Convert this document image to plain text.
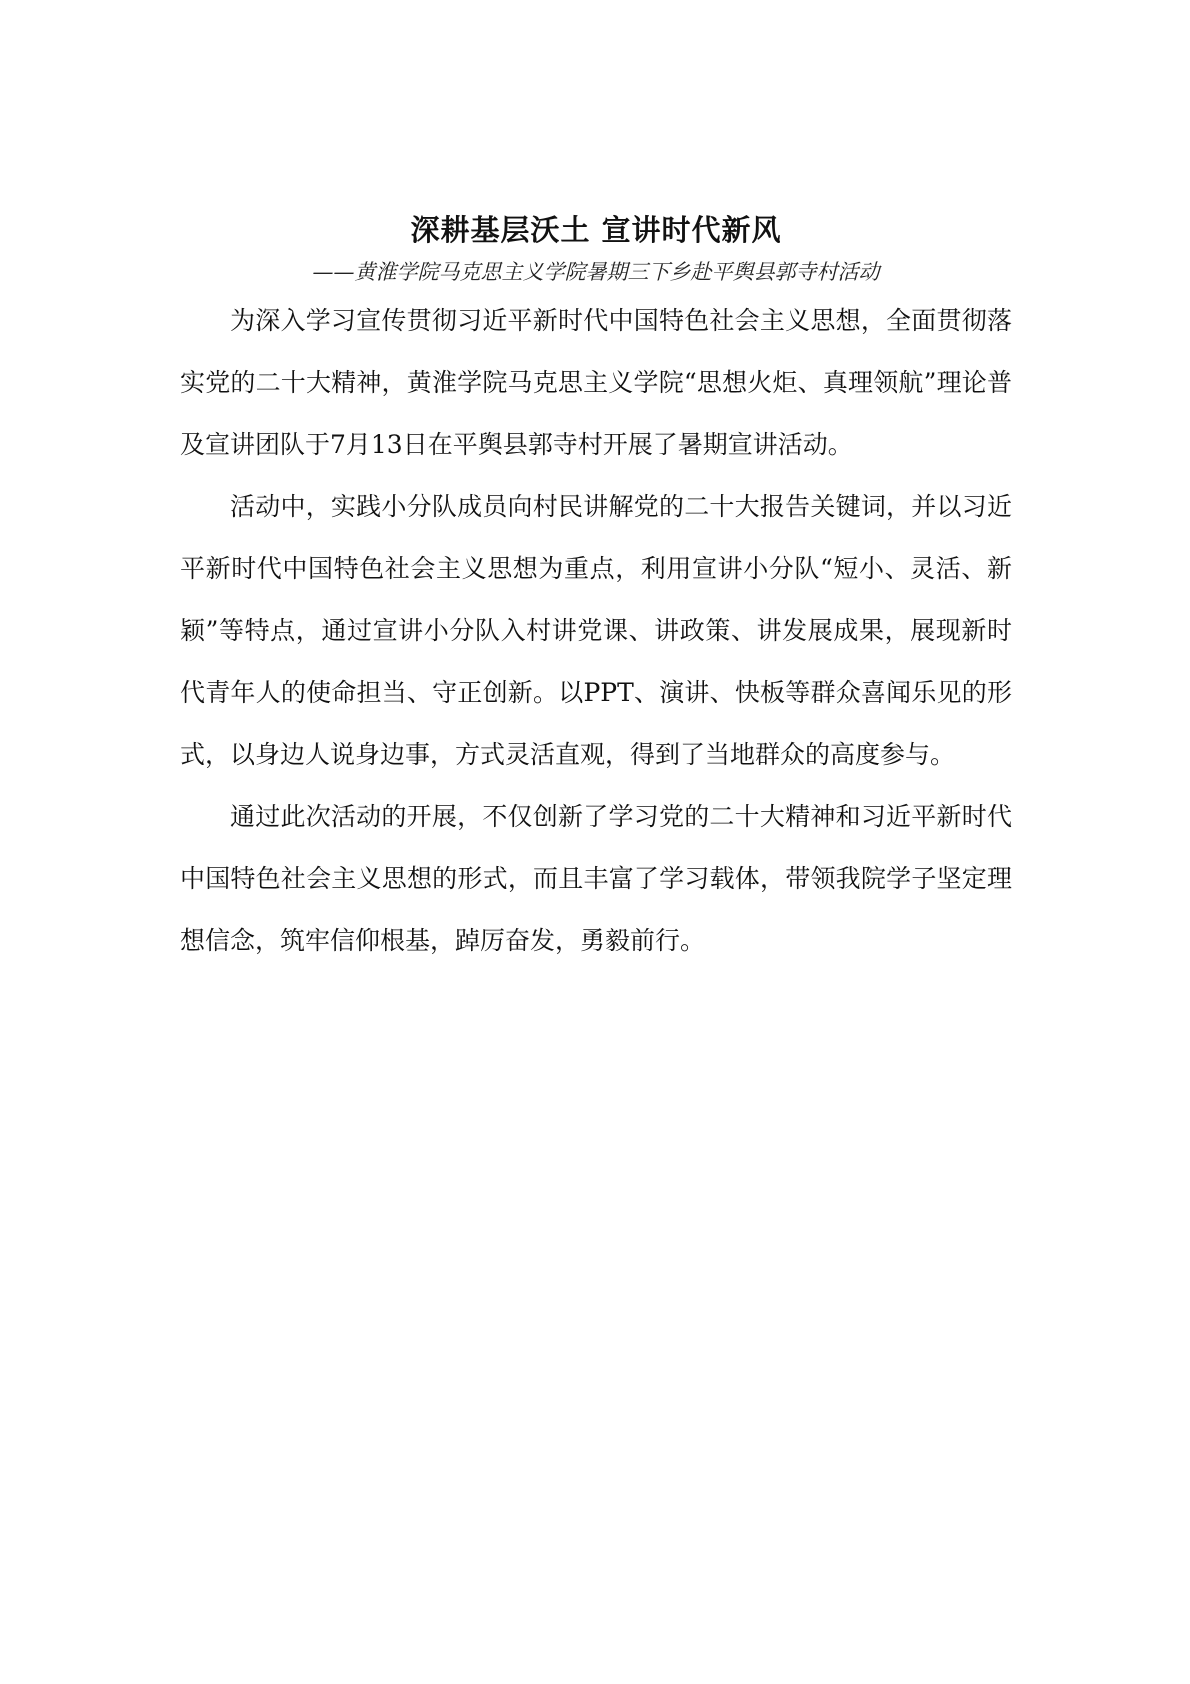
深耕基层沃土 宣讲时代新风
——黄淮学院马克思主义学院暑期三下乡赴平舆县郭寺村活动

为深入学习宣传贯彻习近平新时代中国特色社会主义思想，全面贯彻落实党的二十大精神，黄淮学院马克思主义学院“思想火炬、真理领航”理论普及宣讲团队于7月13日在平舆县郭寺村开展了暑期宣讲活动。

活动中，实践小分队成员向村民讲解党的二十大报告关键词，并以习近平新时代中国特色社会主义思想为重点，利用宣讲小分队“短小、灵活、新颖”等特点，通过宣讲小分队入村讲党课、讲政策、讲发展成果，展现新时代青年人的使命担当、守正创新。以PPT、演讲、快板等群众喜闻乐见的形式，以身边人说身边事，方式灵活直观，得到了当地群众的高度参与。

通过此次活动的开展，不仅创新了学习党的二十大精神和习近平新时代中国特色社会主义思想的形式，而且丰富了学习载体，带领我院学子坚定理想信念，筑牢信仰根基，踔厉奋发，勇毅前行。
